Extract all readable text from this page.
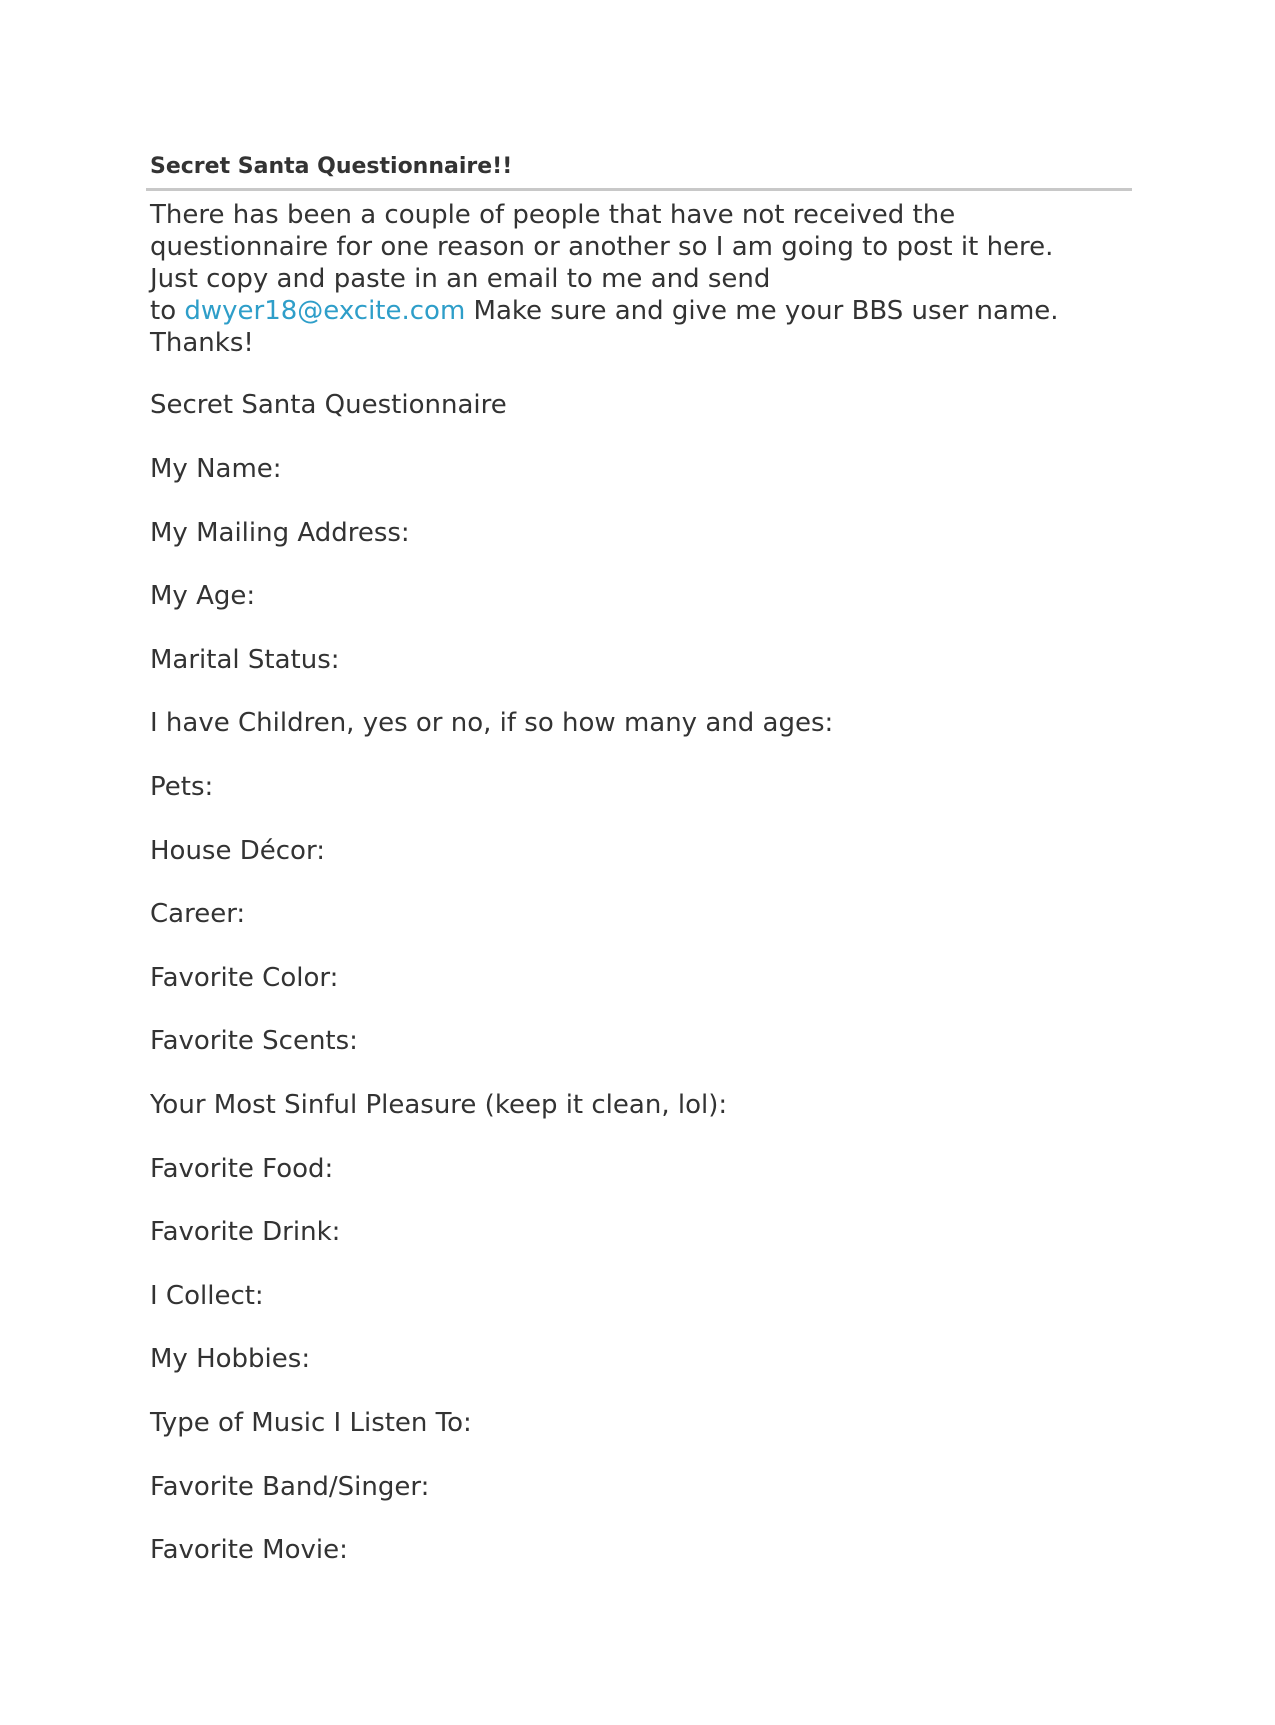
Secret Santa Questionnaire!!
There has been a couple of people that have not received the
questionnaire for one reason or another so I am going to post it here.
Just copy and paste in an email to me and send
to dwyer18@excite.com Make sure and give me your BBS user name.
Thanks!
Secret Santa Questionnaire
My Name:
My Mailing Address:
My Age:
Marital Status:
I have Children, yes or no, if so how many and ages:
Pets:
House Décor:
Career:
Favorite Color:
Favorite Scents:
Your Most Sinful Pleasure (keep it clean, lol):
Favorite Food:
Favorite Drink:
I Collect:
My Hobbies:
Type of Music I Listen To:
Favorite Band/Singer:
Favorite Movie:
